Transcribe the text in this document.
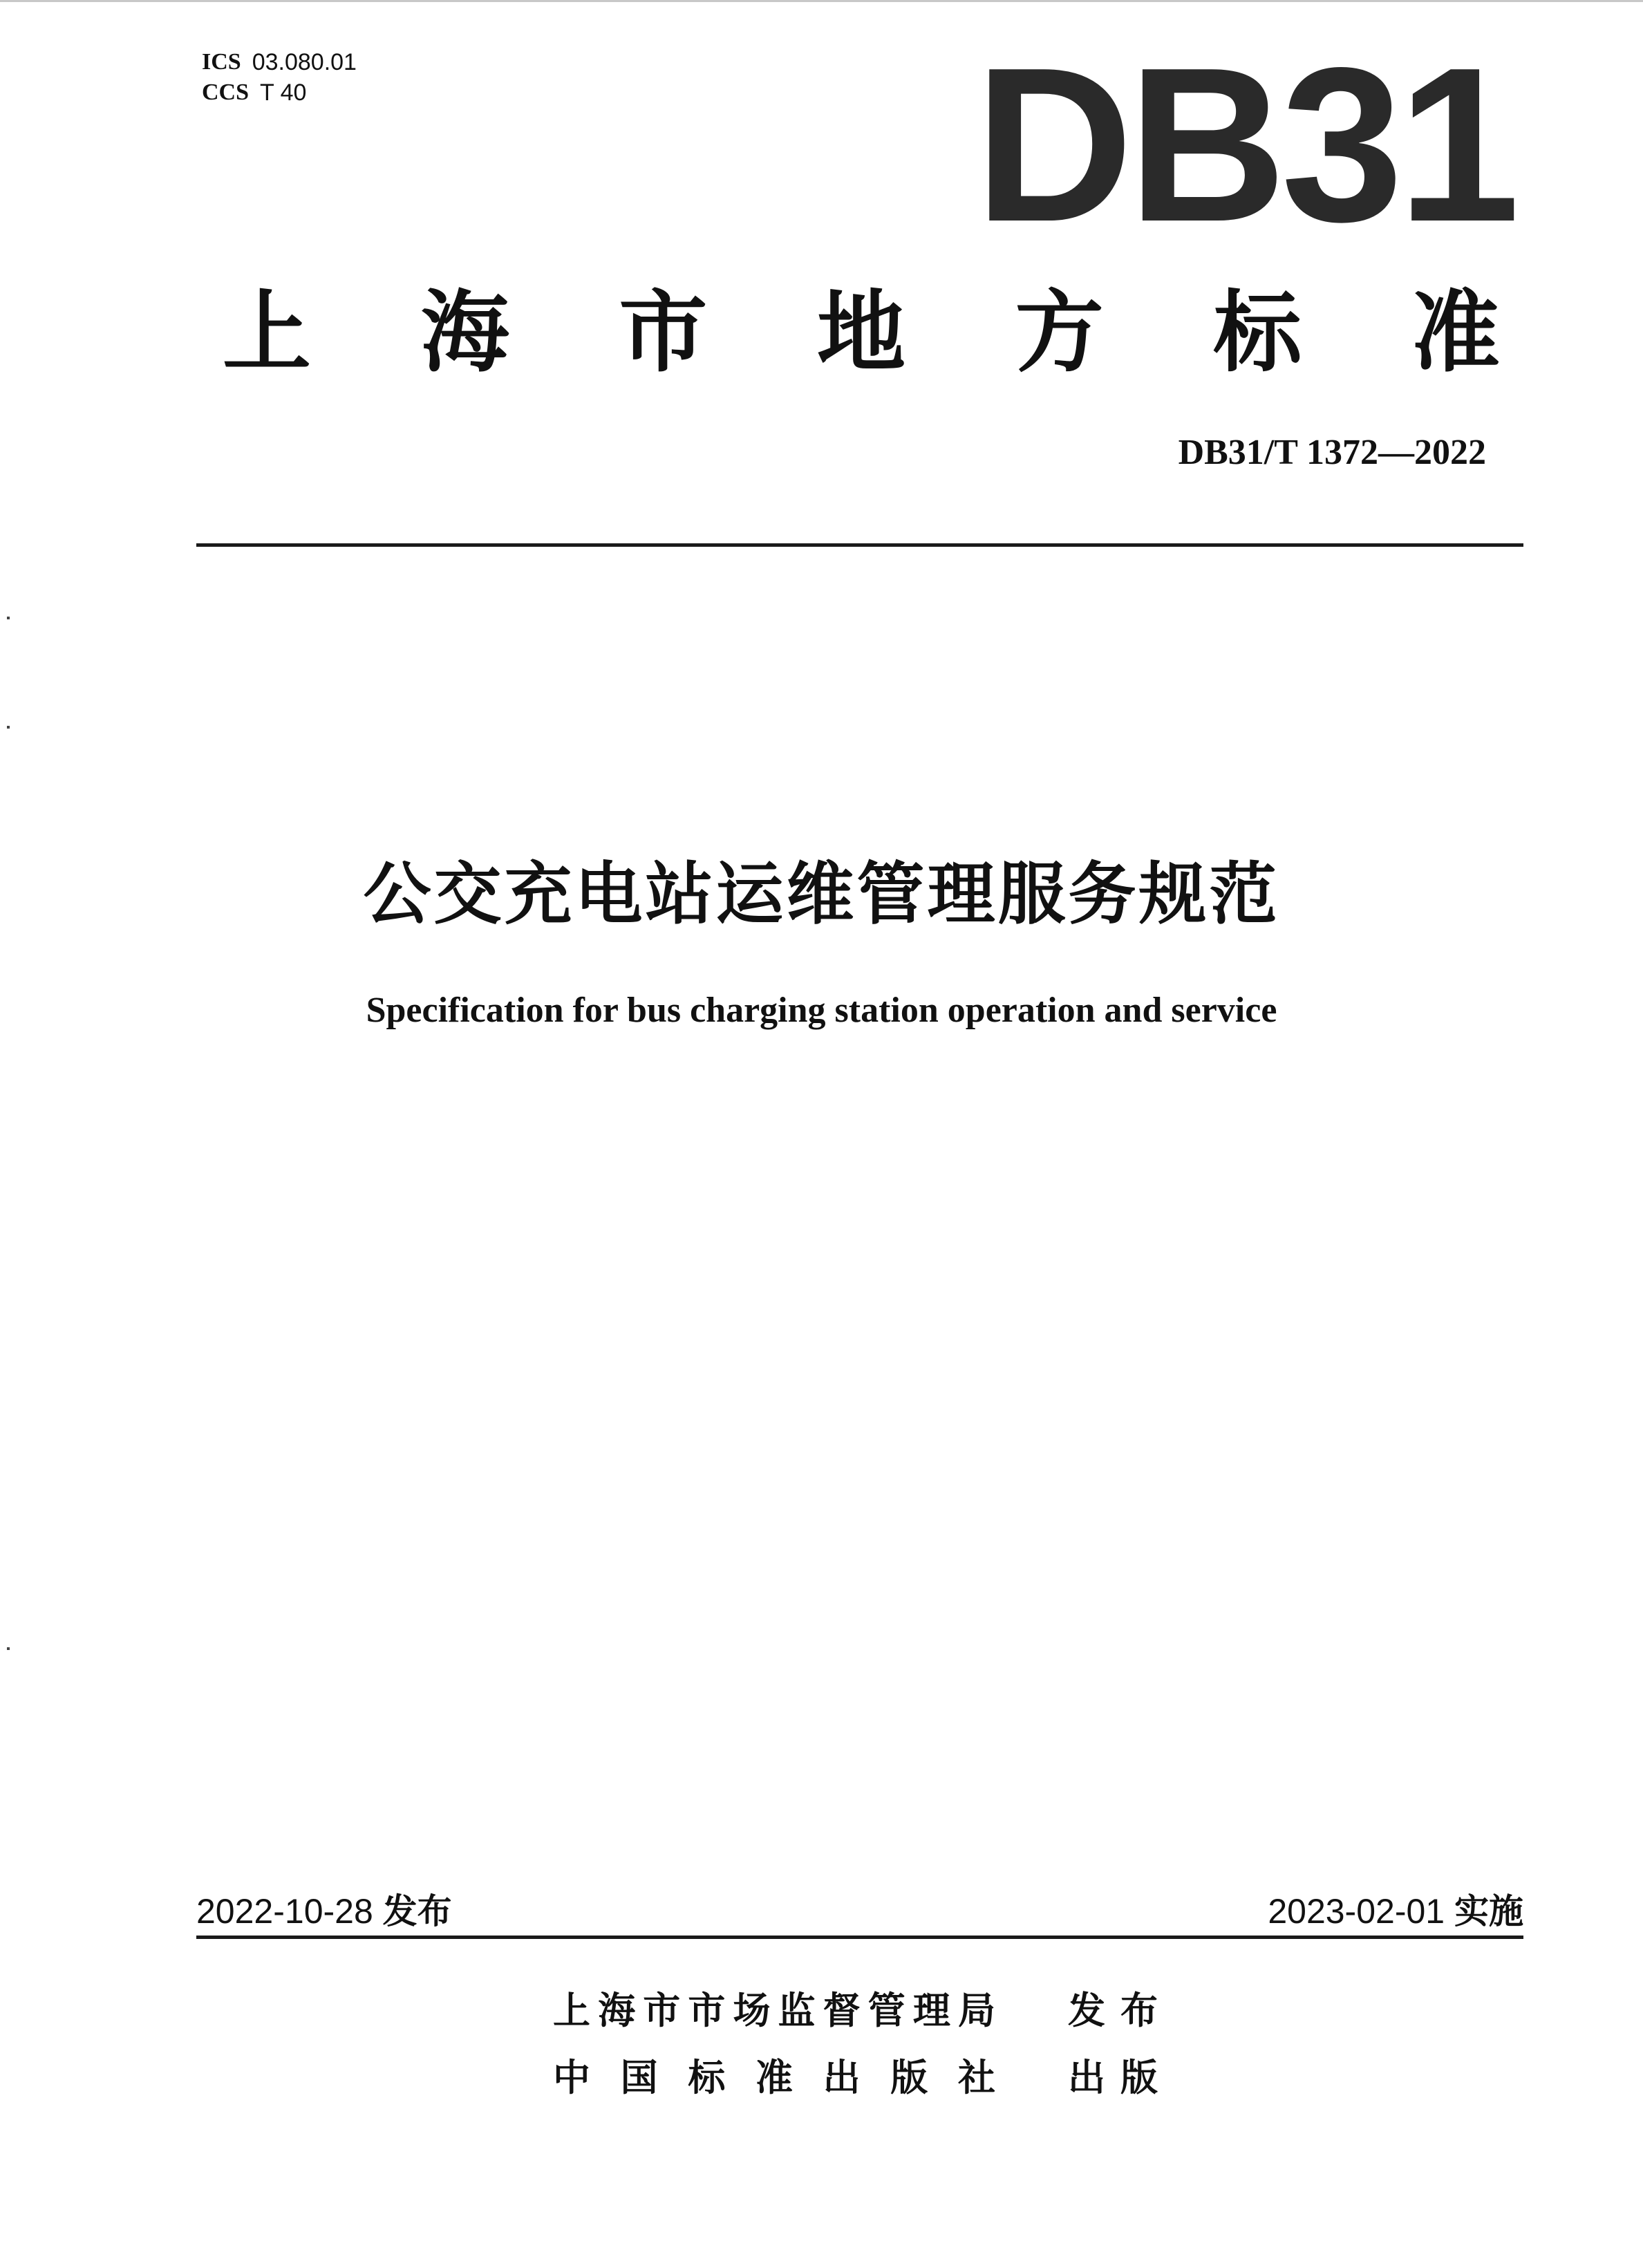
ICS 03.080.01
CCS T 40	DB31
上 海 市 地 方 标 准
DB31/T 1372—2022
公交充电站运维管理服务规范
Specification for bus charging station operation and service
2022-10-28 发布	2023-02-01 实施
上 海 市 市 场 监 督 管 理 局 发 布
中 国 标 准 出 版 社 出 版
